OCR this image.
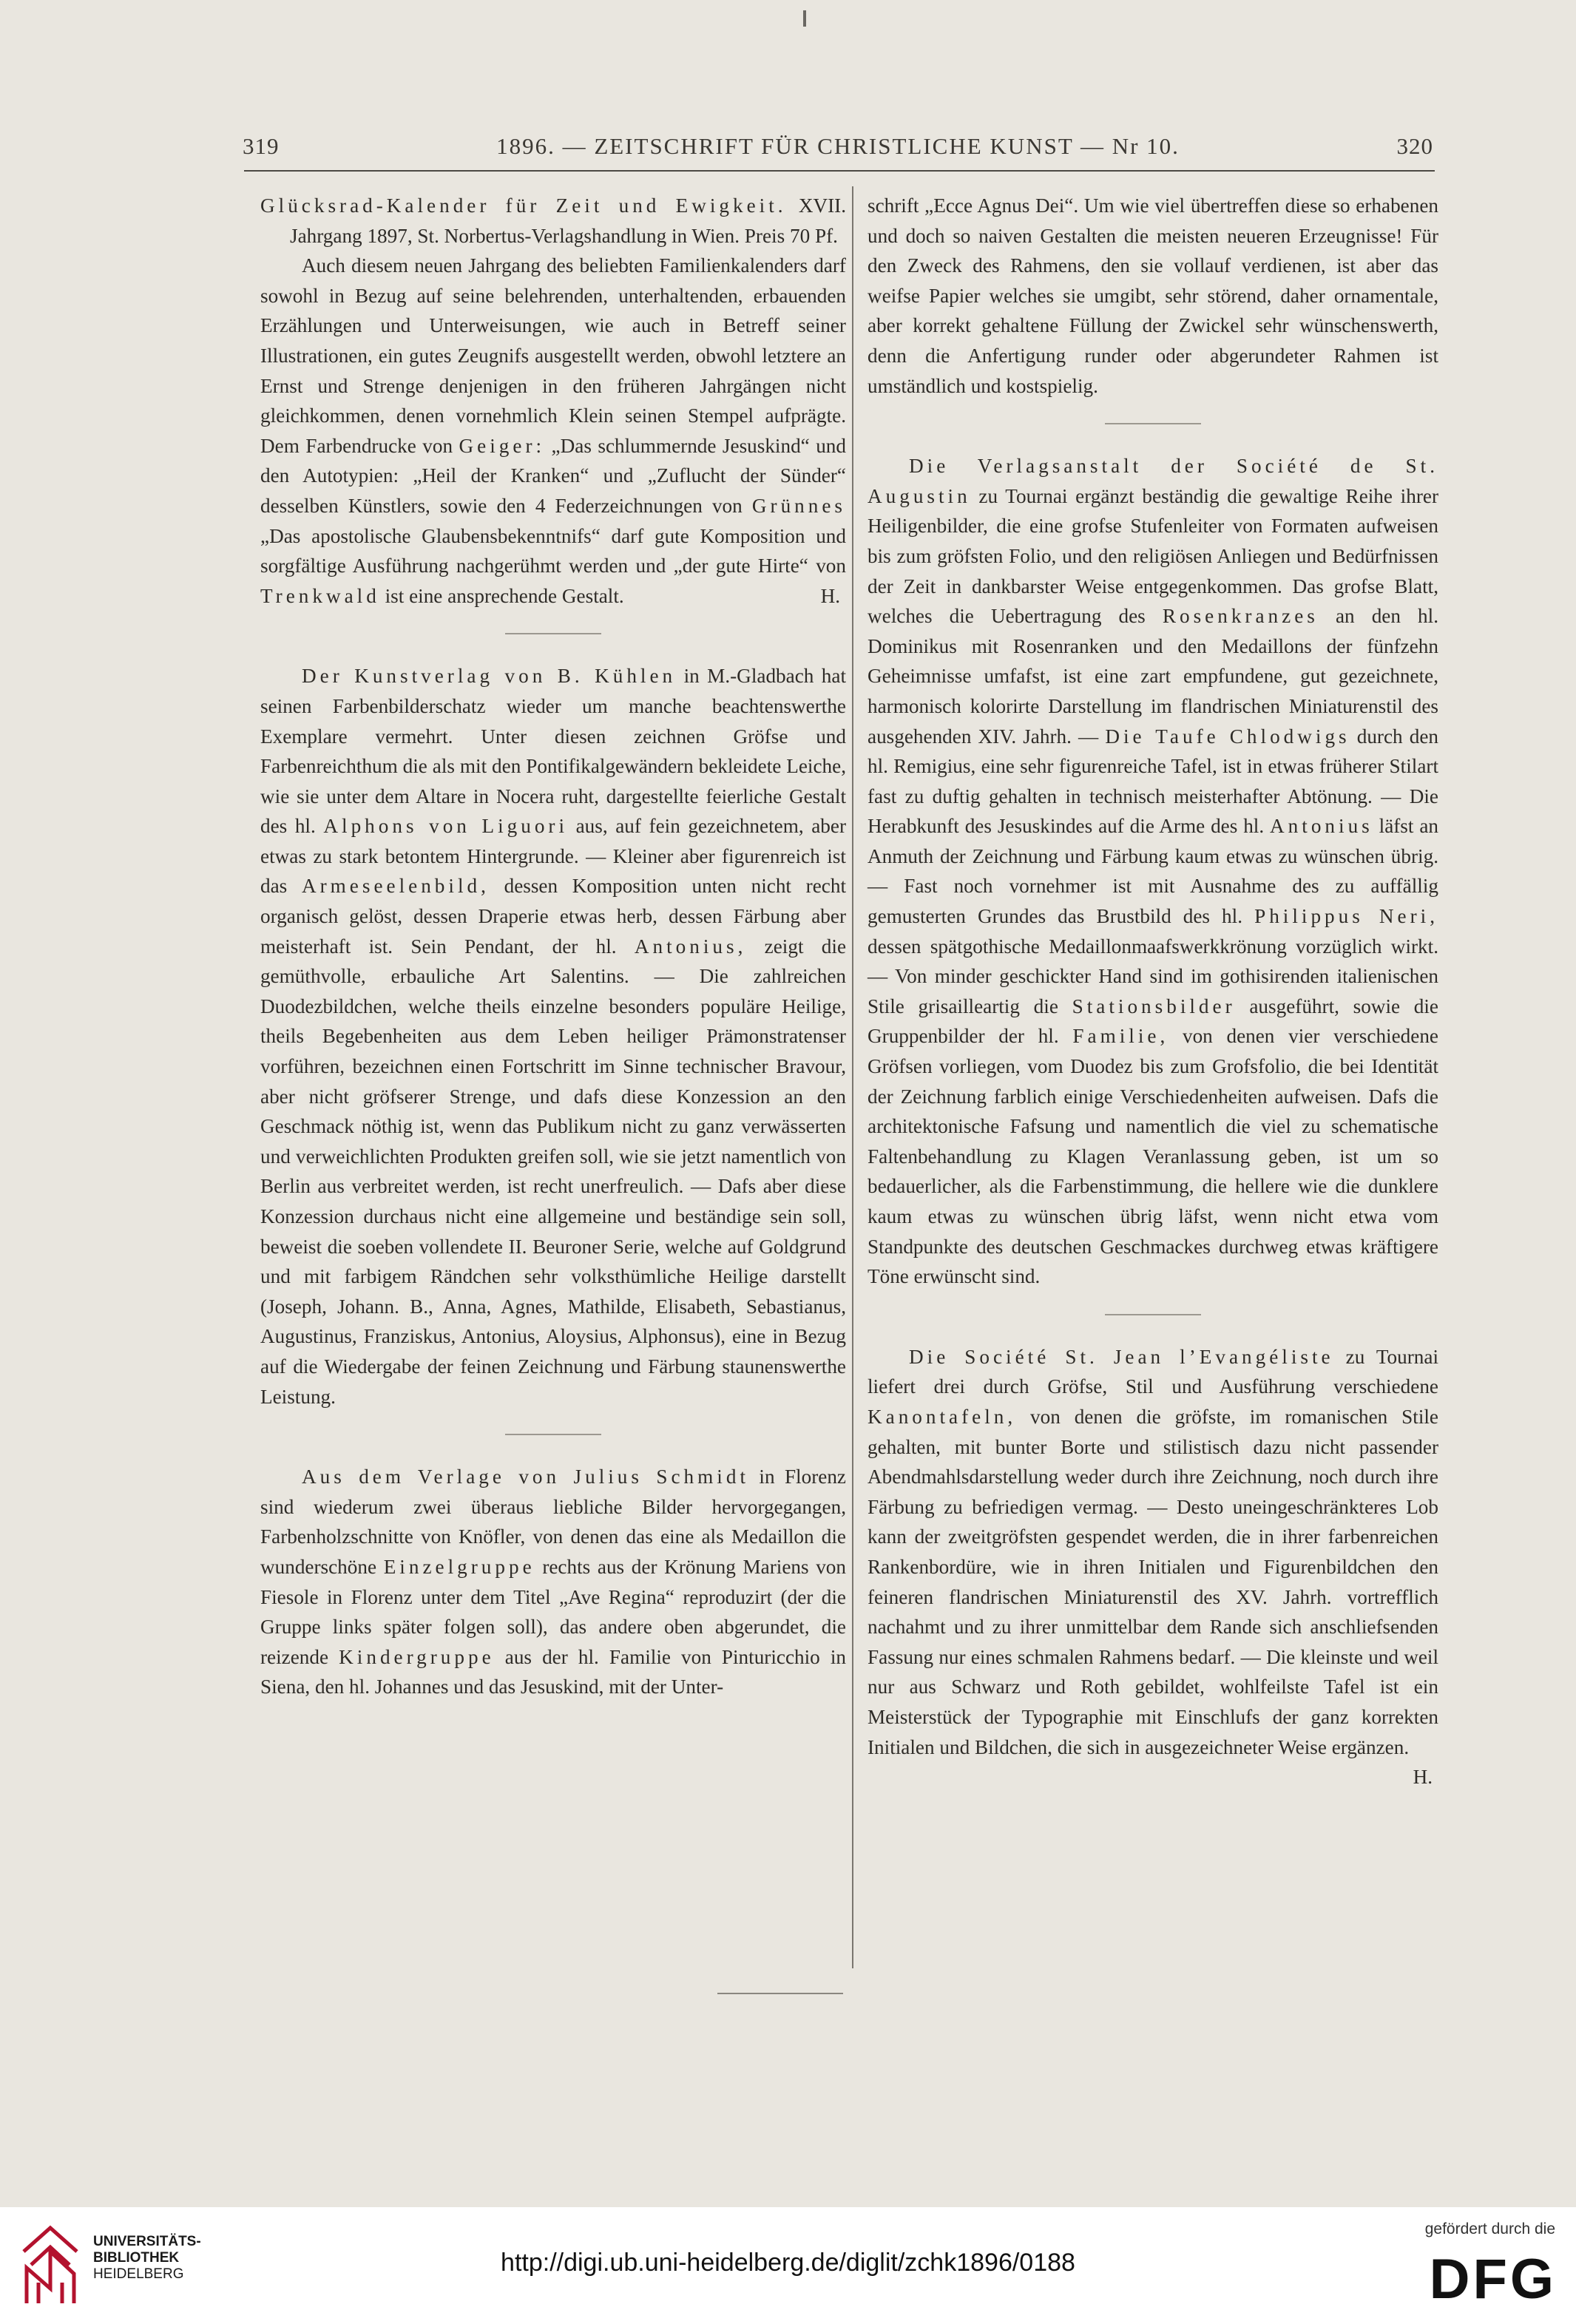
319	1896. — ZEITSCHRIFT FÜR CHRISTLICHE KUNST — Nr 10.	320

Glücksrad-Kalender für Zeit und Ewigkeit. XVII. Jahrgang 1897, St. Norbertus-Verlagshandlung in Wien. Preis 70 Pf.

Auch diesem neuen Jahrgang des beliebten Familienkalenders darf sowohl in Bezug auf seine belehrenden, unterhaltenden, erbauenden Erzählungen und Unterweisungen, wie auch in Betreff seiner Illustrationen, ein gutes Zeugnifs ausgestellt werden, obwohl letztere an Ernst und Strenge denjenigen in den früheren Jahrgängen nicht gleichkommen, denen vornehmlich Klein seinen Stempel aufprägte. Dem Farbendrucke von Geiger: „Das schlummernde Jesuskind“ und den Autotypien: „Heil der Kranken“ und „Zuflucht der Sünder“ desselben Künstlers, sowie den 4 Federzeichnungen von Grünnes „Das apostolische Glaubensbekenntnifs“ darf gute Komposition und sorgfältige Ausführung nachgerühmt werden und „der gute Hirte“ von Trenkwald ist eine ansprechende Gestalt.	H.

Der Kunstverlag von B. Kühlen in M.-Gladbach hat seinen Farbenbilderschatz wieder um manche beachtenswerthe Exemplare vermehrt. Unter diesen zeichnen Gröfse und Farbenreichthum die als mit den Pontifikalgewändern bekleidete Leiche, wie sie unter dem Altare in Nocera ruht, dargestellte feierliche Gestalt des hl. Alphons von Liguori aus, auf fein gezeichnetem, aber etwas zu stark betontem Hintergrunde. — Kleiner aber figurenreich ist das Armeseelenbild, dessen Komposition unten nicht recht organisch gelöst, dessen Draperie etwas herb, dessen Färbung aber meisterhaft ist. Sein Pendant, der hl. Antonius, zeigt die gemüthvolle, erbauliche Art Salentins. — Die zahlreichen Duodezbildchen, welche theils einzelne besonders populäre Heilige, theils Begebenheiten aus dem Leben heiliger Prämonstratenser vorführen, bezeichnen einen Fortschritt im Sinne technischer Bravour, aber nicht gröfserer Strenge, und dafs diese Konzession an den Geschmack nöthig ist, wenn das Publikum nicht zu ganz verwässerten und verweichlichten Produkten greifen soll, wie sie jetzt namentlich von Berlin aus verbreitet werden, ist recht unerfreulich. — Dafs aber diese Konzession durchaus nicht eine allgemeine und beständige sein soll, beweist die soeben vollendete II. Beuroner Serie, welche auf Goldgrund und mit farbigem Rändchen sehr volksthümliche Heilige darstellt (Joseph, Johann. B., Anna, Agnes, Mathilde, Elisabeth, Sebastianus, Augustinus, Franziskus, Antonius, Aloysius, Alphonsus), eine in Bezug auf die Wiedergabe der feinen Zeichnung und Färbung staunenswerthe Leistung.

Aus dem Verlage von Julius Schmidt in Florenz sind wiederum zwei überaus liebliche Bilder hervorgegangen, Farbenholzschnitte von Knöfler, von denen das eine als Medaillon die wunderschöne Einzelgruppe rechts aus der Krönung Mariens von Fiesole in Florenz unter dem Titel „Ave Regina“ reproduzirt (der die Gruppe links später folgen soll), das andere oben abgerundet, die reizende Kindergruppe aus der hl. Familie von Pinturicchio in Siena, den hl. Johannes und das Jesuskind, mit der Unter-

schrift „Ecce Agnus Dei“. Um wie viel übertreffen diese so erhabenen und doch so naiven Gestalten die meisten neueren Erzeugnisse! Für den Zweck des Rahmens, den sie vollauf verdienen, ist aber das weifse Papier welches sie umgibt, sehr störend, daher ornamentale, aber korrekt gehaltene Füllung der Zwickel sehr wünschenswerth, denn die Anfertigung runder oder abgerundeter Rahmen ist umständlich und kostspielig.

Die Verlagsanstalt der Société de St. Augustin zu Tournai ergänzt beständig die gewaltige Reihe ihrer Heiligenbilder, die eine grofse Stufenleiter von Formaten aufweisen bis zum gröfsten Folio, und den religiösen Anliegen und Bedürfnissen der Zeit in dankbarster Weise entgegenkommen. Das grofse Blatt, welches die Uebertragung des Rosenkranzes an den hl. Dominikus mit Rosenranken und den Medaillons der fünfzehn Geheimnisse umfafst, ist eine zart empfundene, gut gezeichnete, harmonisch kolorirte Darstellung im flandrischen Miniaturenstil des ausgehenden XIV. Jahrh. — Die Taufe Chlodwigs durch den hl. Remigius, eine sehr figurenreiche Tafel, ist in etwas früherer Stilart fast zu duftig gehalten in technisch meisterhafter Abtönung. — Die Herabkunft des Jesuskindes auf die Arme des hl. Antonius läfst an Anmuth der Zeichnung und Färbung kaum etwas zu wünschen übrig. — Fast noch vornehmer ist mit Ausnahme des zu auffällig gemusterten Grundes das Brustbild des hl. Philippus Neri, dessen spätgothische Medaillonmaafswerkkrönung vorzüglich wirkt. — Von minder geschickter Hand sind im gothisirenden italienischen Stile grisailleartig die Stationsbilder ausgeführt, sowie die Gruppenbilder der hl. Familie, von denen vier verschiedene Gröfsen vorliegen, vom Duodez bis zum Grofsfolio, die bei Identität der Zeichnung farblich einige Verschiedenheiten aufweisen. Dafs die architektonische Fafsung und namentlich die viel zu schematische Faltenbehandlung zu Klagen Veranlassung geben, ist um so bedauerlicher, als die Farbenstimmung, die hellere wie die dunklere kaum etwas zu wünschen übrig läfst, wenn nicht etwa vom Standpunkte des deutschen Geschmackes durchweg etwas kräftigere Töne erwünscht sind.

Die Société St. Jean l’Evangéliste zu Tournai liefert drei durch Gröfse, Stil und Ausführung verschiedene Kanontafeln, von denen die gröfste, im romanischen Stile gehalten, mit bunter Borte und stilistisch dazu nicht passender Abendmahlsdarstellung weder durch ihre Zeichnung, noch durch ihre Färbung zu befriedigen vermag. — Desto uneingeschränkteres Lob kann der zweitgröfsten gespendet werden, die in ihrer farbenreichen Rankenbordüre, wie in ihren Initialen und Figurenbildchen den feineren flandrischen Miniaturenstil des XV. Jahrh. vortrefflich nachahmt und zu ihrer unmittelbar dem Rande sich anschliefsenden Fassung nur eines schmalen Rahmens bedarf. — Die kleinste und weil nur aus Schwarz und Roth gebildet, wohlfeilste Tafel ist ein Meisterstück der Typographie mit Einschlufs der ganz korrekten Initialen und Bildchen, die sich in ausgezeichneter Weise ergänzen.
H.

UNIVERSITÄTS-
BIBLIOTHEK
HEIDELBERG	http://digi.ub.uni-heidelberg.de/diglit/zchk1896/0188
gefördert durch die
DFG
